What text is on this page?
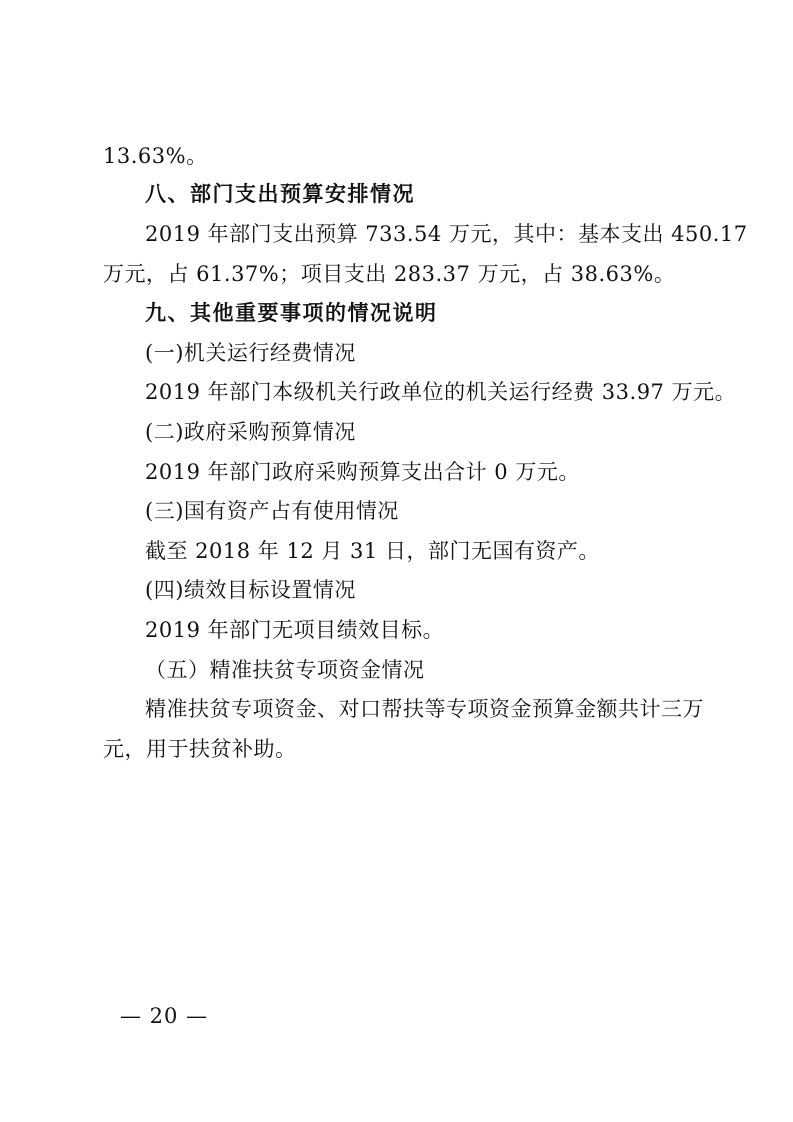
13.63%。
八、部门支出预算安排情况
2019 年部门支出预算 733.54 万元，其中：基本支出 450.17
万元，占 61.37%；项目支出 283.37 万元，占 38.63%。
九、其他重要事项的情况说明
(一)机关运行经费情况
2019 年部门本级机关行政单位的机关运行经费 33.97 万元。
(二)政府采购预算情况
2019 年部门政府采购预算支出合计 0 万元。
(三)国有资产占有使用情况
截至 2018 年 12 月 31 日，部门无国有资产。
(四)绩效目标设置情况
2019 年部门无项目绩效目标。
（五）精准扶贫专项资金情况
精准扶贫专项资金、对口帮扶等专项资金预算金额共计三万
元，用于扶贫补助。
— 20 —
